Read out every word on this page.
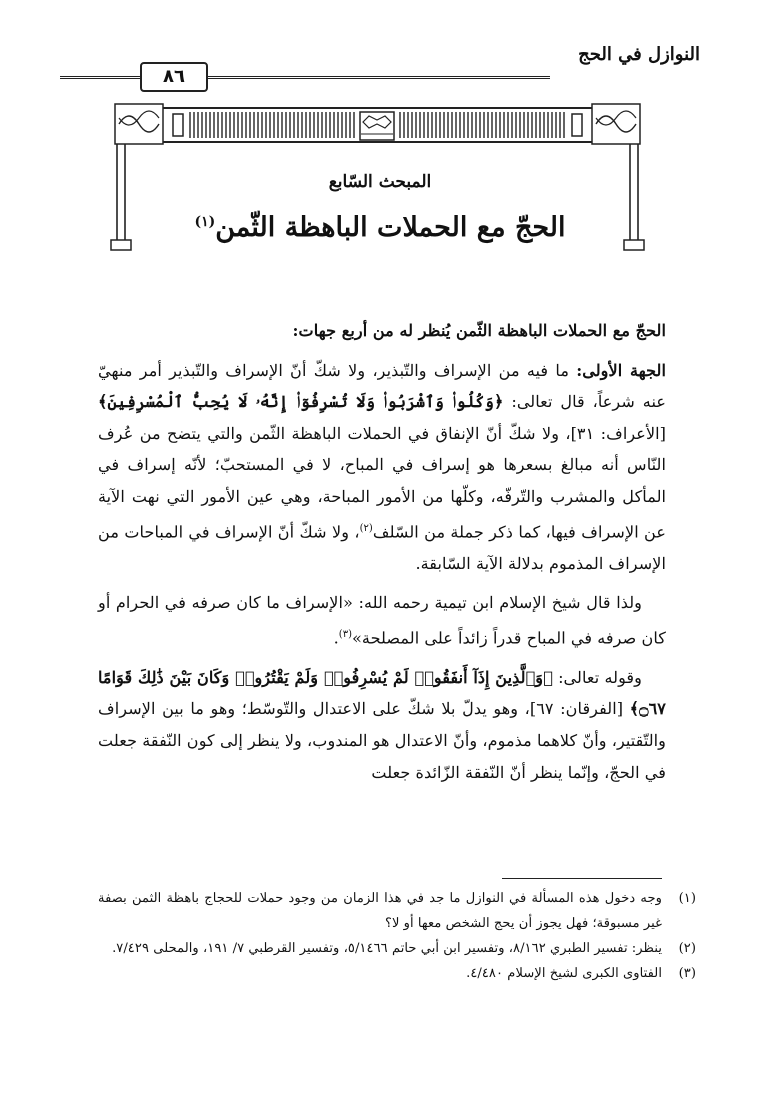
النوازل في الحج
٨٦
المبحث السّابع
الحجّ مع الحملات الباهظة الثّمن$^{(١)}$

الحجّ مع الحملات الباهظة الثّمن يُنظر له من أربع جهات:

الجهة الأولى: ما فيه من الإسراف والتّبذير، ولا شكّ أنّ الإسراف والتّبذير أمر منهيّ عنه شرعاً، قال تعالى: ﴿وَكُلُوا۟ وَٱشْرَبُوا۟ وَلَا تُسْرِفُوٓا۟ إِنَّهُۥ لَا يُحِبُّ ٱلْمُسْرِفِينَ﴾ [الأعراف: ٣١]، ولا شكّ أنّ الإنفاق في الحملات الباهظة الثّمن والتي يتضح من عُرف النّاس أنه مبالغ بسعرها هو إسراف في المباح، لا في المستحبّ؛ لأنّه إسراف في المأكل والمشرب والتّرفّه، وكلّها من الأمور المباحة، وهي عين الأمور التي نهت الآية عن الإسراف فيها، كما ذكر جملة من السّلف$^{(٢)}$، ولا شكّ أنّ الإسراف في المباحات من الإسراف المذموم بدلالة الآية السّابقة.

ولذا قال شيخ الإسلام ابن تيمية رحمه الله: «الإسراف ما كان صرفه في الحرام أو كان صرفه في المباح قدراً زائداً على المصلحة»$^{(٣)}$.

وقوله تعالى: ﴿وَٱلَّذِينَ إِذَآ أَنفَقُوا۟ لَمْ يُسْرِفُوا۟ وَلَمْ يَقْتُرُوا۟ وَكَانَ بَيْنَ ذَٰلِكَ قَوَامًا ۝٦٧﴾ [الفرقان: ٦٧]، وهو يدلّ بلا شكّ على الاعتدال والتّوسّط؛ وهو ما بين الإسراف والتّقتير، وأنّ كلاهما مذموم، وأنّ الاعتدال هو المندوب، ولا ينظر إلى كون النّفقة جعلت في الحجّ، وإنّما ينظر أنّ النّفقة الزّائدة جعلت

(١)
وجه دخول هذه المسألة في النوازل ما جد في هذا الزمان من وجود حملات للحجاج باهظة الثمن بصفة غير مسبوقة؛ فهل يجوز أن يحج الشخص معها أو لا؟
(٢)
ينظر: تفسير الطبري ٨/١٦٢، وتفسير ابن أبي حاتم ٥/١٤٦٦، وتفسير القرطبي ٧/ ١٩١، والمحلى ٧/٤٢٩.
(٣)
الفتاوى الكبرى لشيخ الإسلام ٤/٤٨٠.
